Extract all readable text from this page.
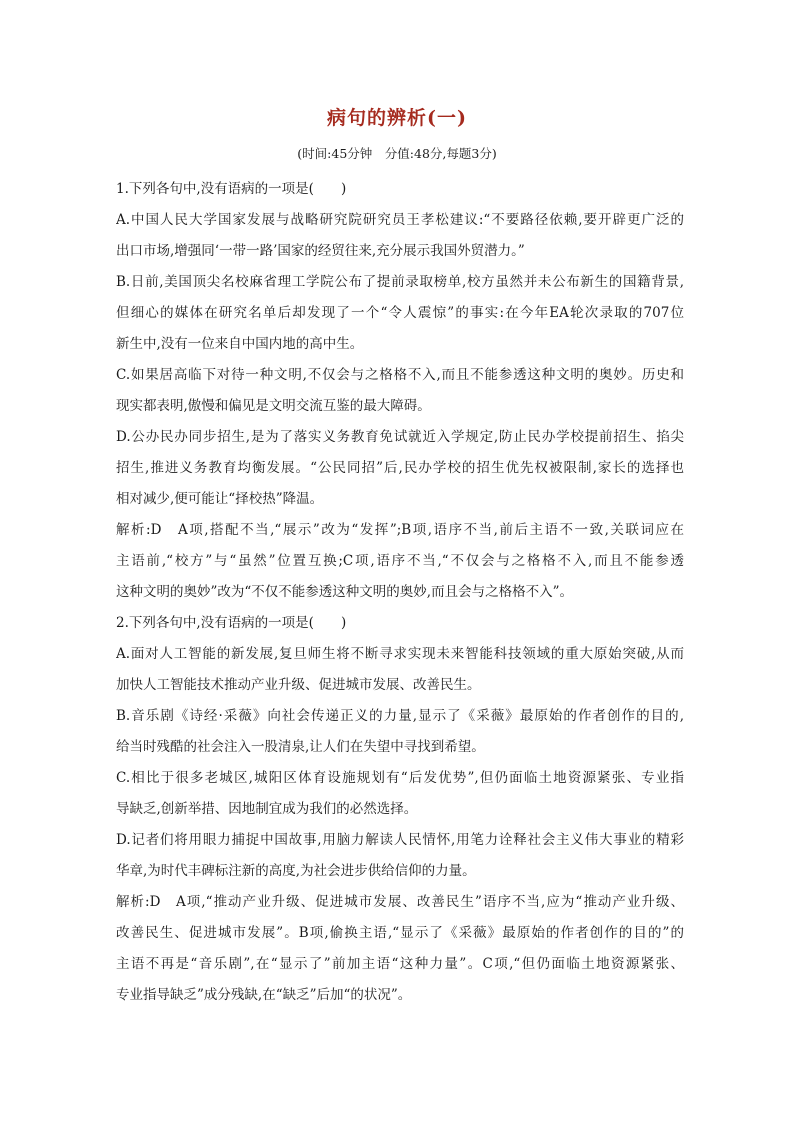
病句的辨析(一)
(时间:45分钟　分值:48分,每题3分)
1.下列各句中,没有语病的一项是(　　)
A.中国人民大学国家发展与战略研究院研究员王孝松建议:“不要路径依赖,要开辟更广泛的
出口市场,增强同‘一带一路’国家的经贸往来,充分展示我国外贸潜力。”
B.日前,美国顶尖名校麻省理工学院公布了提前录取榜单,校方虽然并未公布新生的国籍背景,
但细心的媒体在研究名单后却发现了一个“令人震惊”的事实:在今年EA轮次录取的707位
新生中,没有一位来自中国内地的高中生。
C.如果居高临下对待一种文明,不仅会与之格格不入,而且不能参透这种文明的奥妙。历史和
现实都表明,傲慢和偏见是文明交流互鉴的最大障碍。
D.公办民办同步招生,是为了落实义务教育免试就近入学规定,防止民办学校提前招生、掐尖
招生,推进义务教育均衡发展。“公民同招”后,民办学校的招生优先权被限制,家长的选择也
相对减少,便可能让“择校热”降温。
解析:D　A项,搭配不当,“展示”改为“发挥”;B项,语序不当,前后主语不一致,关联词应在
主语前,“校方”与“虽然”位置互换;C项,语序不当,“不仅会与之格格不入,而且不能参透
这种文明的奥妙”改为“不仅不能参透这种文明的奥妙,而且会与之格格不入”。
2.下列各句中,没有语病的一项是(　　)
A.面对人工智能的新发展,复旦师生将不断寻求实现未来智能科技领域的重大原始突破,从而
加快人工智能技术推动产业升级、促进城市发展、改善民生。
B.音乐剧《诗经·采薇》向社会传递正义的力量,显示了《采薇》最原始的作者创作的目的,
给当时残酷的社会注入一股清泉,让人们在失望中寻找到希望。
C.相比于很多老城区,城阳区体育设施规划有“后发优势”,但仍面临土地资源紧张、专业指
导缺乏,创新举措、因地制宜成为我们的必然选择。
D.记者们将用眼力捕捉中国故事,用脑力解读人民情怀,用笔力诠释社会主义伟大事业的精彩
华章,为时代丰碑标注新的高度,为社会进步供给信仰的力量。
解析:D　A项,“推动产业升级、促进城市发展、改善民生”语序不当,应为“推动产业升级、
改善民生、促进城市发展”。B项,偷换主语,“显示了《采薇》最原始的作者创作的目的”的
主语不再是“音乐剧”,在“显示了”前加主语“这种力量”。C项,“但仍面临土地资源紧张、
专业指导缺乏”成分残缺,在“缺乏”后加“的状况”。
